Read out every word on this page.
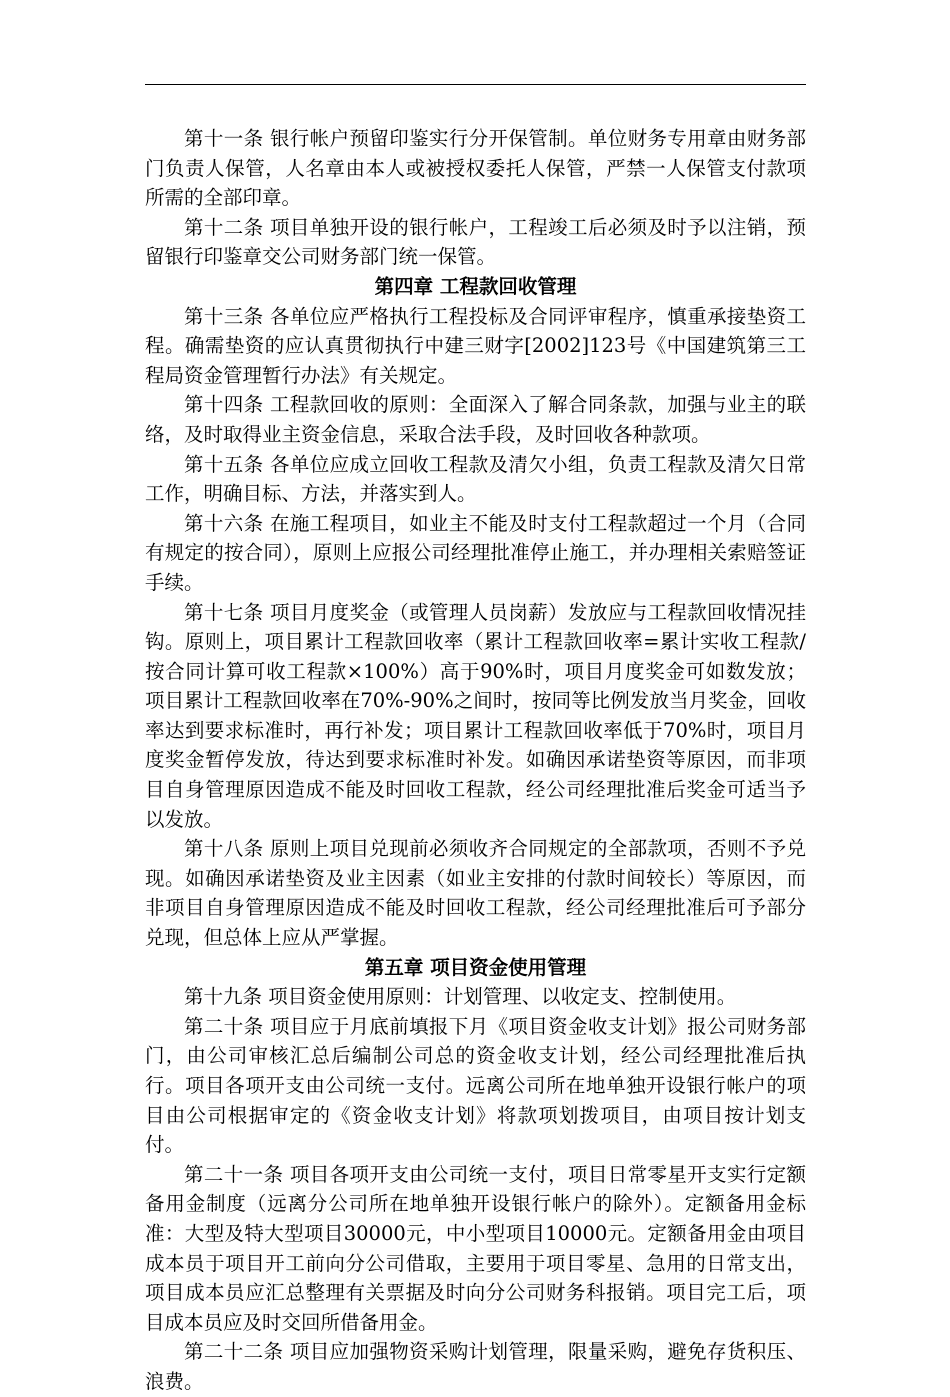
第十一条 银行帐户预留印鉴实行分开保管制。单位财务专用章由财务部门负责人保管，人名章由本人或被授权委托人保管，严禁一人保管支付款项所需的全部印章。

第十二条 项目单独开设的银行帐户，工程竣工后必须及时予以注销，预留银行印鉴章交公司财务部门统一保管。

第四章 工程款回收管理

第十三条 各单位应严格执行工程投标及合同评审程序，慎重承接垫资工程。确需垫资的应认真贯彻执行中建三财字[2002]123号《中国建筑第三工程局资金管理暂行办法》有关规定。

第十四条 工程款回收的原则：全面深入了解合同条款，加强与业主的联络，及时取得业主资金信息，采取合法手段，及时回收各种款项。

第十五条 各单位应成立回收工程款及清欠小组，负责工程款及清欠日常工作，明确目标、方法，并落实到人。

第十六条 在施工程项目，如业主不能及时支付工程款超过一个月（合同有规定的按合同），原则上应报公司经理批准停止施工，并办理相关索赔签证手续。

第十七条 项目月度奖金（或管理人员岗薪）发放应与工程款回收情况挂钩。原则上，项目累计工程款回收率（累计工程款回收率=累计实收工程款/按合同计算可收工程款×100%）高于90%时，项目月度奖金可如数发放；项目累计工程款回收率在70%-90%之间时，按同等比例发放当月奖金，回收率达到要求标准时，再行补发；项目累计工程款回收率低于70%时，项目月度奖金暂停发放，待达到要求标准时补发。如确因承诺垫资等原因，而非项目自身管理原因造成不能及时回收工程款，经公司经理批准后奖金可适当予以发放。

第十八条 原则上项目兑现前必须收齐合同规定的全部款项，否则不予兑现。如确因承诺垫资及业主因素（如业主安排的付款时间较长）等原因，而非项目自身管理原因造成不能及时回收工程款，经公司经理批准后可予部分兑现，但总体上应从严掌握。

第五章 项目资金使用管理

第十九条 项目资金使用原则：计划管理、以收定支、控制使用。

第二十条 项目应于月底前填报下月《项目资金收支计划》报公司财务部门，由公司审核汇总后编制公司总的资金收支计划，经公司经理批准后执行。项目各项开支由公司统一支付。远离公司所在地单独开设银行帐户的项目由公司根据审定的《资金收支计划》将款项划拨项目，由项目按计划支付。

第二十一条 项目各项开支由公司统一支付，项目日常零星开支实行定额备用金制度（远离分公司所在地单独开设银行帐户的除外）。定额备用金标准：大型及特大型项目30000元，中小型项目10000元。定额备用金由项目成本员于项目开工前向分公司借取，主要用于项目零星、急用的日常支出，项目成本员应汇总整理有关票据及时向分公司财务科报销。项目完工后，项目成本员应及时交回所借备用金。

第二十二条 项目应加强物资采购计划管理，限量采购，避免存货积压、浪费。
